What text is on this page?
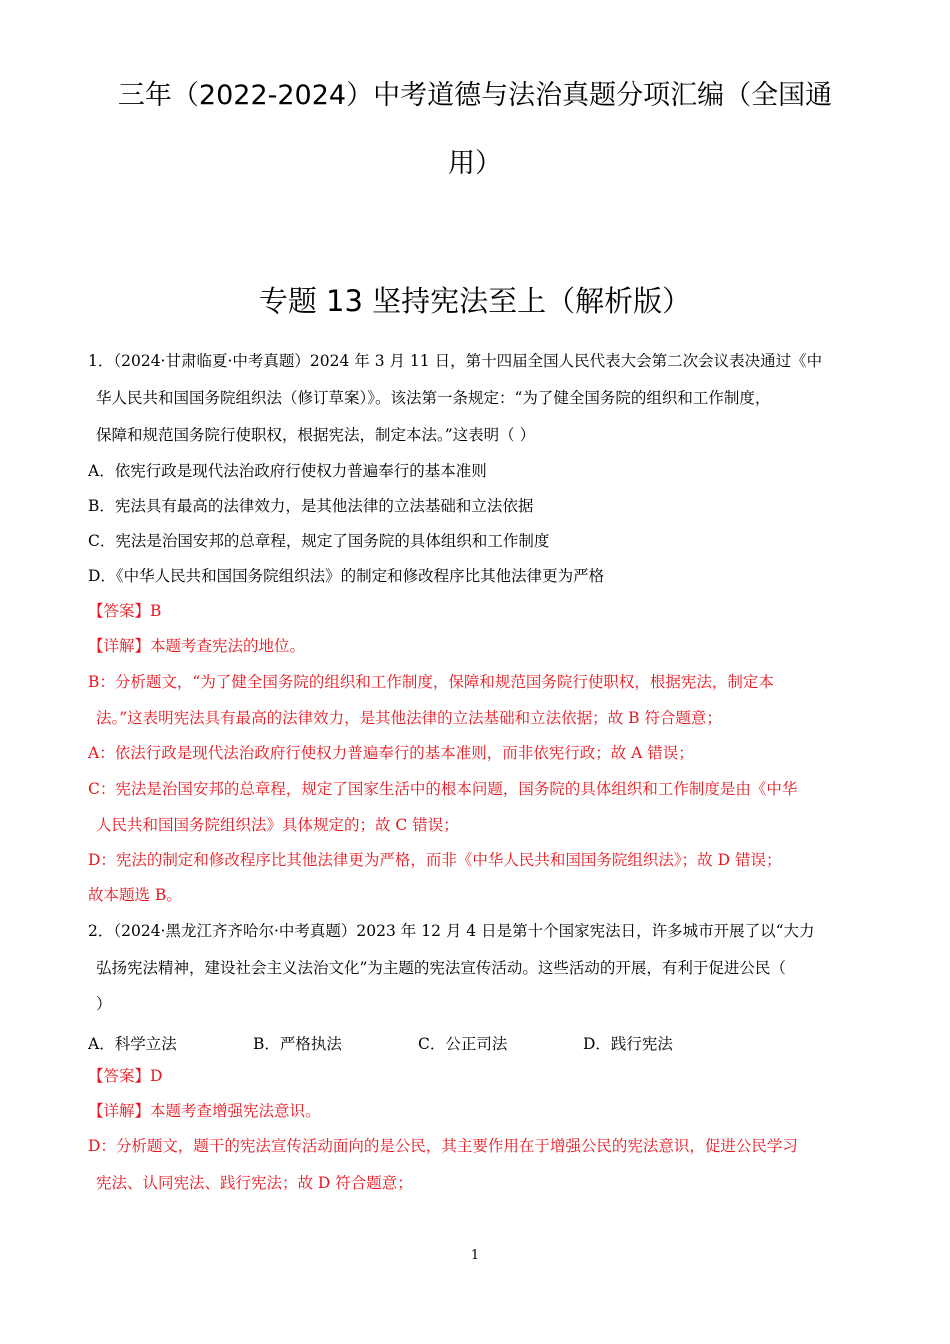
三年（2022-2024）中考道德与法治真题分项汇编（全国通
用）
专题 13 坚持宪法至上（解析版）
1．（2024·甘肃临夏·中考真题）2024 年 3 月 11 日，第十四届全国人民代表大会第二次会议表决通过《中
华人民共和国国务院组织法（修订草案）》。该法第一条规定：“为了健全国务院的组织和工作制度，
保障和规范国务院行使职权，根据宪法，制定本法。”这表明（ ）
A．依宪行政是现代法治政府行使权力普遍奉行的基本准则
B．宪法具有最高的法律效力，是其他法律的立法基础和立法依据
C．宪法是治国安邦的总章程，规定了国务院的具体组织和工作制度
D．《中华人民共和国国务院组织法》的制定和修改程序比其他法律更为严格
【答案】B
【详解】本题考查宪法的地位。
B：分析题文，“为了健全国务院的组织和工作制度，保障和规范国务院行使职权，根据宪法，制定本
法。”这表明宪法具有最高的法律效力，是其他法律的立法基础和立法依据；故 B 符合题意；
A：依法行政是现代法治政府行使权力普遍奉行的基本准则，而非依宪行政；故 A 错误；
C：宪法是治国安邦的总章程，规定了国家生活中的根本问题，国务院的具体组织和工作制度是由《中华
人民共和国国务院组织法》具体规定的；故 C 错误；
D：宪法的制定和修改程序比其他法律更为严格，而非《中华人民共和国国务院组织法》；故 D 错误；
故本题选 B。
2．（2024·黑龙江齐齐哈尔·中考真题）2023 年 12 月 4 日是第十个国家宪法日，许多城市开展了以“大力
弘扬宪法精神，建设社会主义法治文化”为主题的宪法宣传活动。这些活动的开展，有利于促进公民（
）
A．科学立法	B．严格执法	C．公正司法	D．践行宪法
【答案】D
【详解】本题考查增强宪法意识。
D：分析题文，题干的宪法宣传活动面向的是公民，其主要作用在于增强公民的宪法意识，促进公民学习
宪法、认同宪法、践行宪法；故 D 符合题意；
1
